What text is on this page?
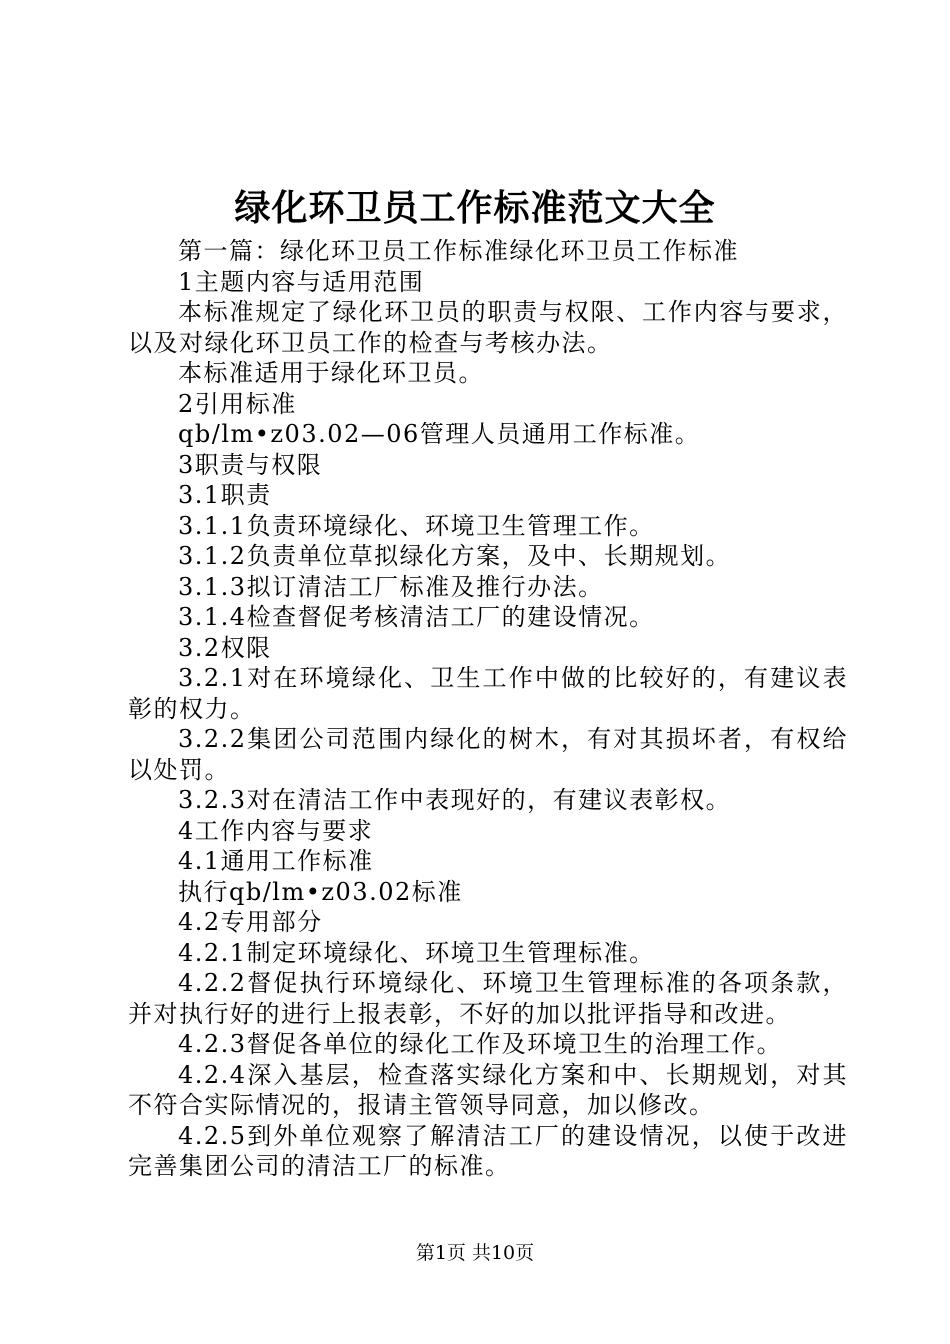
绿化环卫员工作标准范文大全

第一篇：绿化环卫员工作标准绿化环卫员工作标准

1主题内容与适用范围

本标准规定了绿化环卫员的职责与权限、工作内容与要求，以及对绿化环卫员工作的检查与考核办法。

本标准适用于绿化环卫员。

2引用标准

qb/lm•z03.02—06管理人员通用工作标准。

3职责与权限

3.1职责

3.1.1负责环境绿化、环境卫生管理工作。

3.1.2负责单位草拟绿化方案，及中、长期规划。

3.1.3拟订清洁工厂标准及推行办法。

3.1.4检查督促考核清洁工厂的建设情况。

3.2权限

3.2.1对在环境绿化、卫生工作中做的比较好的，有建议表彰的权力。

3.2.2集团公司范围内绿化的树木，有对其损坏者，有权给以处罚。

3.2.3对在清洁工作中表现好的，有建议表彰权。

4工作内容与要求

4.1通用工作标准

执行qb/lm•z03.02标准

4.2专用部分

4.2.1制定环境绿化、环境卫生管理标准。

4.2.2督促执行环境绿化、环境卫生管理标准的各项条款，并对执行好的进行上报表彰，不好的加以批评指导和改进。

4.2.3督促各单位的绿化工作及环境卫生的治理工作。

4.2.4深入基层，检查落实绿化方案和中、长期规划，对其不符合实际情况的，报请主管领导同意，加以修改。

4.2.5到外单位观察了解清洁工厂的建设情况，以使于改进完善集团公司的清洁工厂的标准。

第1页 共10页
